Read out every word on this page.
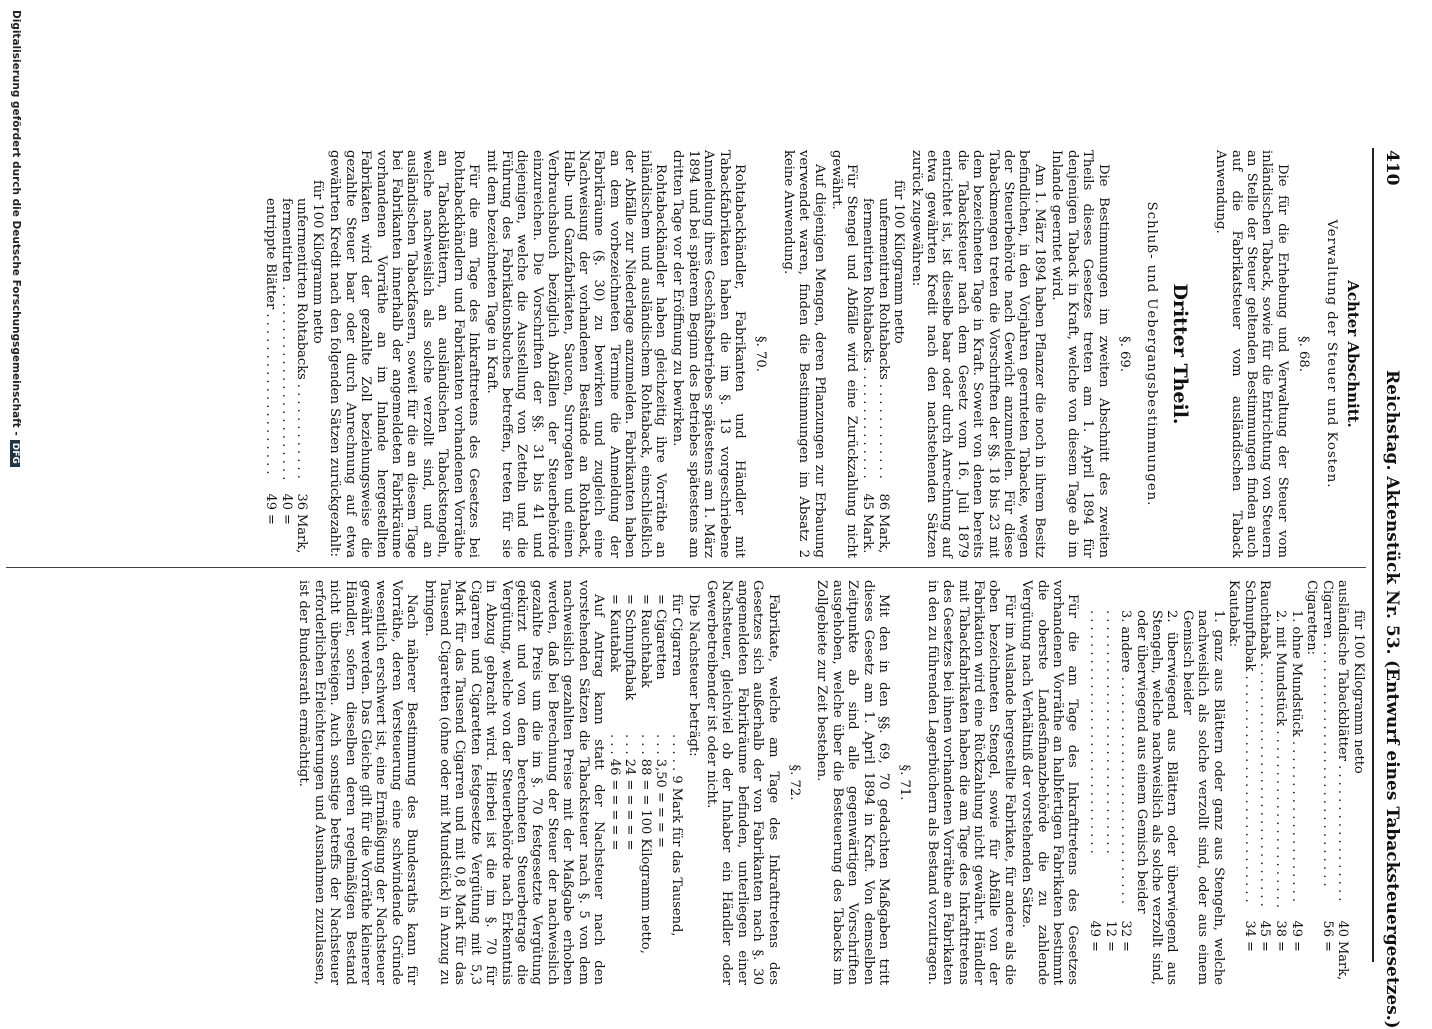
410
Reichstag. Aktenstück Nr. 53.
(Entwurf eines Tabacksteuergesetzes.)
Achter Abschnitt.
Verwaltung der Steuer und Kosten.
§. 68.

Die für die Erhebung und Verwaltung der Steuer vom inländischen Taback, sowie für die Entrichtung von Steuern an Stelle der Steuer geltenden Bestimmungen finden auch auf die Fabrikatsteuer vom ausländischen Taback Anwendung.

Dritter Theil.
Schluß- und Uebergangsbestimmungen.
§. 69.

Die Bestimmungen im zweiten Abschnitt des zweiten Theils dieses Gesetzes treten am 1. April 1894 für denjenigen Taback in Kraft, welche von diesem Tage ab im Inlande geerntet wird.

Am 1. März 1894 haben Pflanzer die noch in ihrem Besitz befindlichen, in den Vorjahren geernteten Tabacke, wegen der Steuerbehörde nach Gewicht anzumelden. Für diese Tabackmengen treten die Vorschriften der §§. 18 bis 23 mit dem bezeichneten Tage in Kraft. Soweit von denen bereits die Tabacksteuer nach dem Gesetz vom 16. Juli 1879 entrichtet ist, ist dieselbe baar oder durch Anrechnung auf etwa gewährten Kredit nach den nachstehenden Sätzen zurück zugewähren:

für 100 Kilogramm netto
unfermentirten Rohtabacks . . .
86
Mark,
fermentirten Rohtabacks . . .
45
Mark.

Für Stengel und Abfälle wird eine Zurückzahlung nicht gewährt.

Auf diejenigen Mengen, deren Pflanzungen zur Erbauung verwendet waren, finden die Bestimmungen im Absatz 2 keine Anwendung.

§. 70.

Rohtabackhändler, Fabrikanten und Händler mit Tabackfabrikaten haben die im §. 13 vorgeschriebene Anmeldung ihres Geschäftsbetriebes spätestens am 1. März 1894 und bei späterem Beginn des Betriebes spätestens am dritten Tage vor der Eröffnung zu bewirken.

Rohtabackhändler haben gleichzeitig ihre Vorräthe an inländischem und ausländischem Rohtaback, einschließlich der Abfälle zur Niederlage anzumelden. Fabrikanten haben an dem vorbezeichneten Termine die Anmeldung der Fabrikräume (§. 30) zu bewirken und zugleich eine Nachweisung der vorhandenen Bestände an Rohtaback, Halb- und Ganzfabrikaten, Saucen, Surrogaten und einen Verbrauchsbuch bezüglich Abfällen der Steuerbehörde einzureichen. Die Vorschriften der §§. 31 bis 41 und diejenigen, welche die Ausstellung von Zetteln und die Führung des Fabrikationsbuches betreffen, treten für sie mit dem bezeichneten Tage in Kraft.

Für die am Tage des Inkrafttretens des Gesetzes bei Rohtabackhändlern und Fabrikanten vorhandenen Vorräthe an Tabackblättern, an ausländischen Tabackstengeln, welche nachweislich als solche verzollt sind, und an ausländischen Tabackfasern, soweit für die an diesem Tage bei Fabrikanten innerhalb der angemeldeten Fabrikräume vorhandenen Vorräthe an im Inlande hergestellten Fabrikaten wird der gezahlte Zoll beziehungsweise die gezahlte Steuer baar oder durch Anrechnung auf etwa gewährten Kredit nach den folgenden Sätzen zurückgezahlt:

für 100 Kilogramm netto
unfermentirten Rohtabacks . . .
36
Mark,
fermentirten . . .
40
=
entrippte Blätter . . .
49
=
für 100 Kilogramm netto
ausländische Tabackblätter . . .
40
Mark,
Cigarren . . .
56
=
Cigaretten:
1. ohne Mundstück . . .
49
=
2. mit Mundstück . . .
38
=
Rauchtabak . . .
45
=
Schnupftabak . . .
34
=
Kautabak:

1. ganz aus Blättern oder ganz aus Stengeln, welche nachweislich als solche verzollt sind, oder aus einem Gemisch beider

2. überwiegend aus Blättern oder überwiegend aus Stengeln, welche nachweislich als solche verzollt sind, oder überwiegend aus einem Gemisch beider

3. andere . . .
32
=
. . .
12
=
. . .
49
=

Für die am Tage des Inkrafttretens des Gesetzes vorhandenen Vorräthe an halbfertigen Fabrikaten bestimmt die oberste Landesfinanzbehörde die zu zahlende Vergütung nach Verhältniß der vorstehenden Sätze.

Für im Auslande hergestellte Fabrikate, für andere als die oben bezeichneten Stengel, sowie für Abfälle von der Fabrikation wird eine Rückzahlung nicht gewährt. Händler mit Tabackfabrikaten haben die am Tage des Inkrafttretens des Gesetzes bei ihnen vorhandenen Vorräthe an Fabrikaten in den zu führenden Lagerbüchern als Bestand vorzutragen.

§. 71.

Mit den in den §§. 69, 70 gedachten Maßgaben tritt dieses Gesetz am 1. April 1894 in Kraft. Von demselben Zeitpunkte ab sind alle gegenwärtigen Vorschriften ausgehoben, welche über die Besteuerung des Tabacks im Zollgebiete zur Zeit bestehen.

§. 72.

Fabrikate, welche am Tage des Inkrafttretens des Gesetzes sich außerhalb der von Fabrikanten nach §. 30 angemeldeten Fabrikräume befinden, unterliegen einer Nachsteuer, gleichviel ob der Inhaber ein Händler oder Gewerbetreibender ist oder nicht.

Die Nachsteuer beträgt:

für Cigarren
. . . . . 9 Mark für das Tausend,
= Cigaretten
. . . 3,50 = = = =
= Rauchtabak
. . . 88 = = 100 Kilogramm netto,
= Schnupftabak
. . . 24 = = = = =
= Kautabak
. . . 46 = = = = =

Auf Antrag kann statt der Nachsteuer nach den vorstehenden Sätzen die Tabacksteuer nach §. 5 von dem nachweislich gezahlten Preise mit der Maßgabe erhoben werden, daß bei Berechnung der Steuer der nachweislich gezahlte Preis um die im §. 70 festgesetzte Vergütung gekürzt und von dem berechneten Steuerbetrage die Vergütung, welche von der Steuerbehörde nach Erkenntnis in Abzug gebracht wird. Hierbei ist die im §. 70 für Cigarren und Cigaretten festgesetzte Vergütung mit 5,3 Mark für das Tausend Cigarren und mit 0,8 Mark für das Tausend Cigaretten (ohne oder mit Mundstück) in Anzug zu bringen.

Nach näherer Bestimmung des Bundesraths kann für Vorräthe, deren Versteuerung eine schwindende Gründe wesentlich erschwert ist, eine Ermäßigung der Nachsteuer gewährt werden. Das Gleiche gilt für die Vorräthe kleinerer Händler, sofern dieselben deren regelmäßigen Bestand nicht übersteigen. Auch sonstige betreffs der Nachsteuer erforderlichen Erleichterungen und Ausnahmen zuzulassen, ist der Bundesrath ermächtigt.

Digitalisierung gefördert durch die Deutsche Forschungsgemeinschaft -DFG
